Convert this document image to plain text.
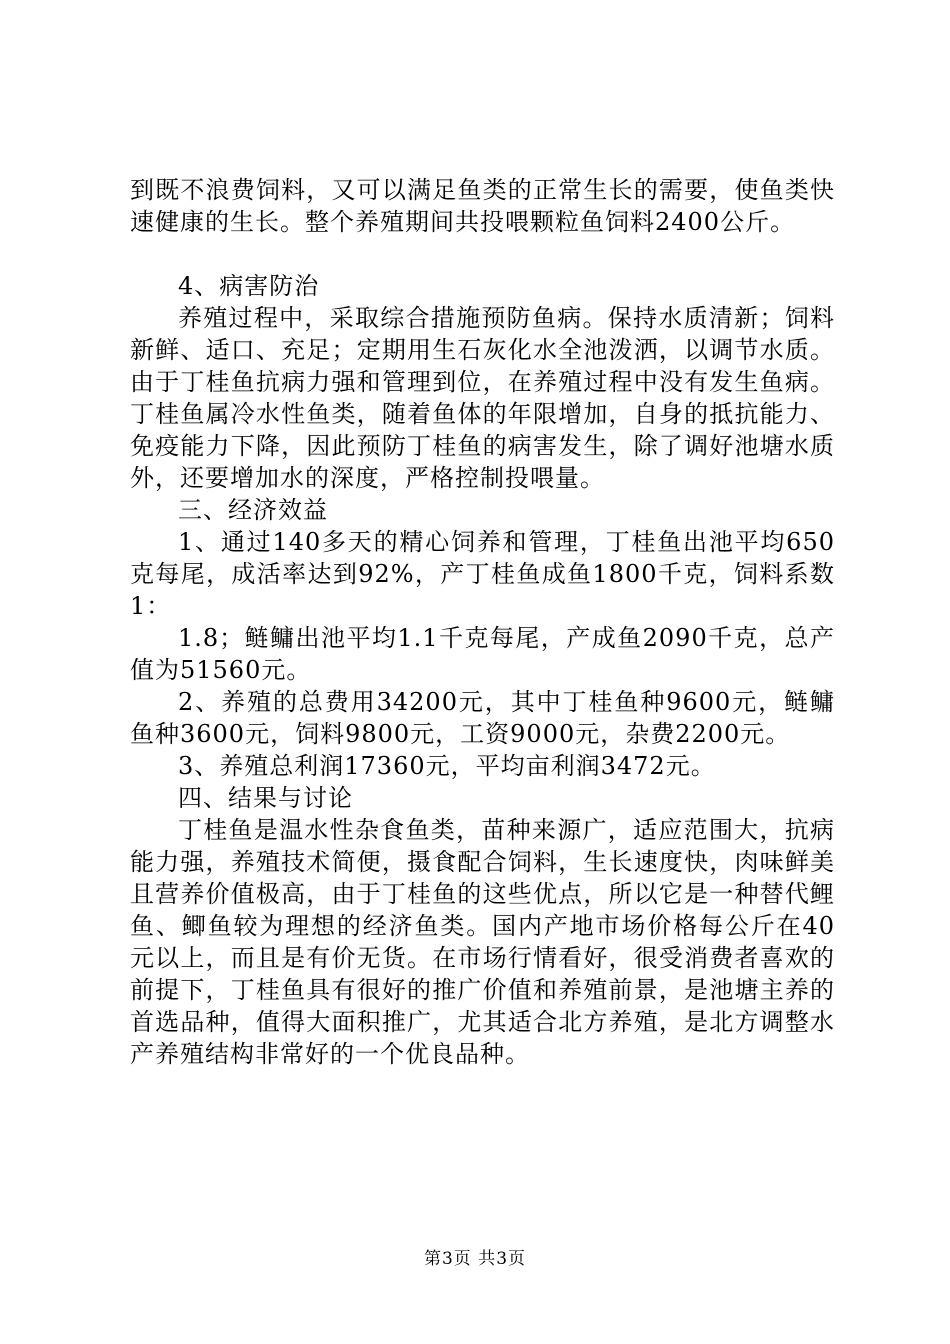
到既不浪费饲料，又可以满足鱼类的正常生长的需要，使鱼类快速健康的生长。整个养殖期间共投喂颗粒鱼饲料2400公斤。

4、病害防治

养殖过程中，采取综合措施预防鱼病。保持水质清新；饲料新鲜、适口、充足；定期用生石灰化水全池泼洒，以调节水质。由于丁桂鱼抗病力强和管理到位，在养殖过程中没有发生鱼病。丁桂鱼属冷水性鱼类，随着鱼体的年限增加，自身的抵抗能力、免疫能力下降，因此预防丁桂鱼的病害发生，除了调好池塘水质外，还要增加水的深度，严格控制投喂量。

三、经济效益

1、通过140多天的精心饲养和管理，丁桂鱼出池平均650克每尾，成活率达到92%，产丁桂鱼成鱼1800千克，饲料系数1：

1.8；鲢鳙出池平均1.1千克每尾，产成鱼2090千克，总产值为51560元。

2、养殖的总费用34200元，其中丁桂鱼种9600元，鲢鳙鱼种3600元，饲料9800元，工资9000元，杂费2200元。

3、养殖总利润17360元，平均亩利润3472元。

四、结果与讨论

丁桂鱼是温水性杂食鱼类，苗种来源广，适应范围大，抗病能力强，养殖技术简便，摄食配合饲料，生长速度快，肉味鲜美且营养价值极高，由于丁桂鱼的这些优点，所以它是一种替代鲤鱼、鲫鱼较为理想的经济鱼类。国内产地市场价格每公斤在40元以上，而且是有价无货。在市场行情看好，很受消费者喜欢的前提下，丁桂鱼具有很好的推广价值和养殖前景，是池塘主养的首选品种，值得大面积推广，尤其适合北方养殖，是北方调整水产养殖结构非常好的一个优良品种。

第3页 共3页
